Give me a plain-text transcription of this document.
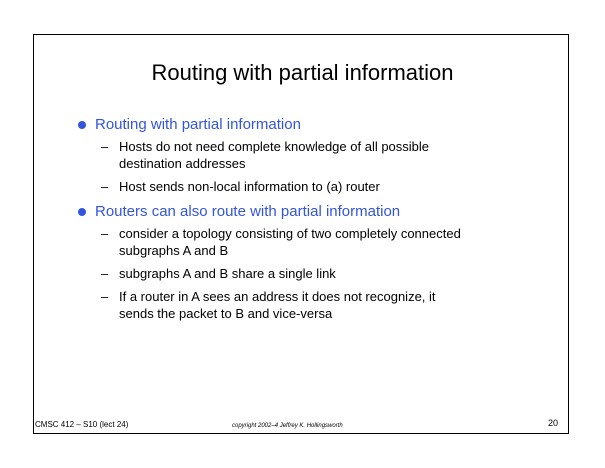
Routing with partial information
Routing with partial information
– Hosts do not need complete knowledge of all possible
destination addresses
– Host sends non-local information to (a) router
Routers can also route with partial information
– consider a topology consisting of two completely connected
subgraphs A and B
– subgraphs A and B share a single link
– If a router in A sees an address it does not recognize, it
sends the packet to B and vice-versa
CMSC 412 – S10 (lect 24)	copyright 2002–4 Jeffrey K. Hollingsworth	20
